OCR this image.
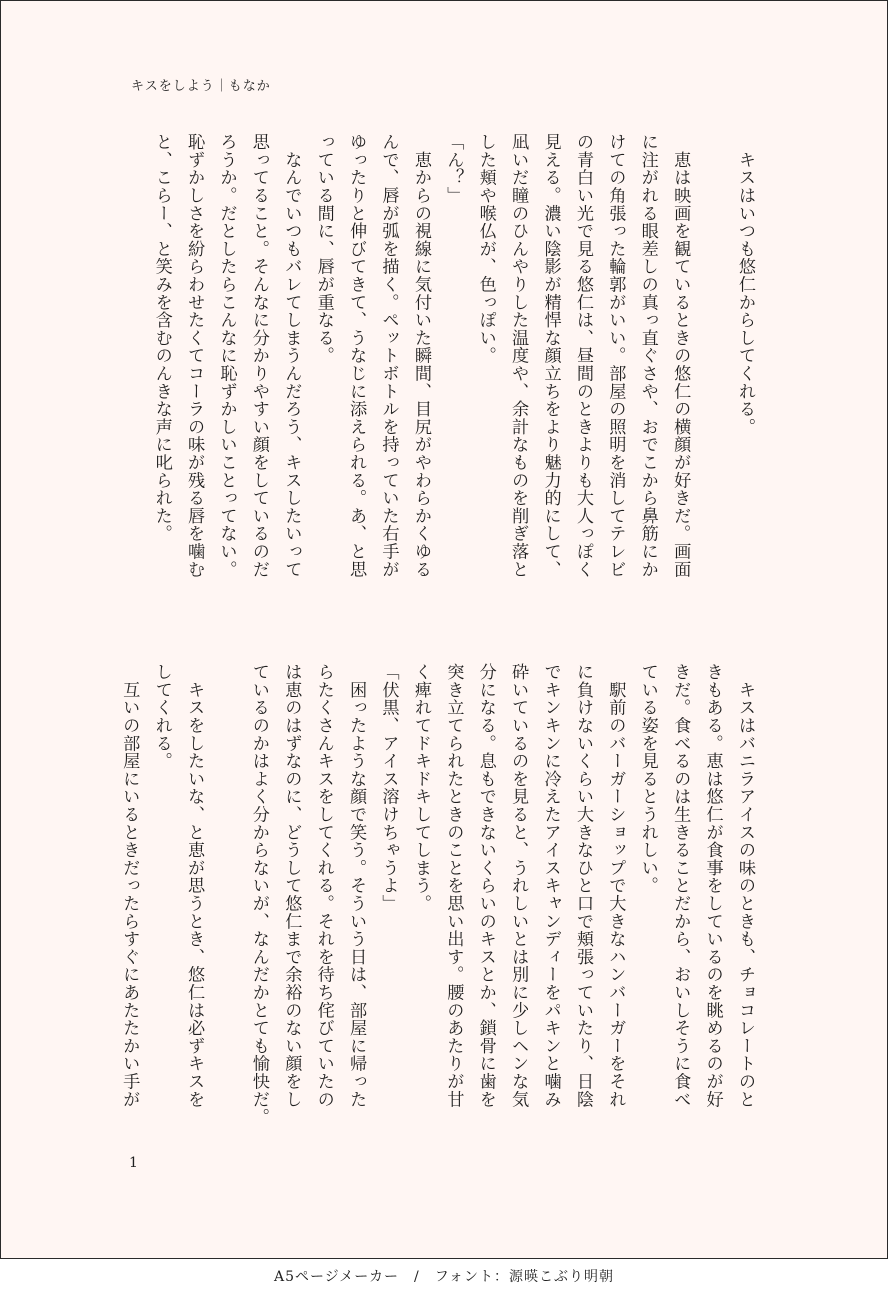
キスをしよう｜もなか
　キスはいつも悠仁からしてくれる。

　恵は映画を観ているときの悠仁の横顔が好きだ。画面
に注がれる眼差しの真っ直ぐさや、おでこから鼻筋にか
けての角張った輪郭がいい。部屋の照明を消してテレビ
の青白い光で見る悠仁は、昼間のときよりも大人っぽく
見える。濃い陰影が精悍な顔立ちをより魅力的にして、
凪いだ瞳のひんやりした温度や、余計なものを削ぎ落と
した頬や喉仏が、色っぽい。
「ん？」
　恵からの視線に気付いた瞬間、目尻がやわらかくゆる
んで、唇が弧を描く。ペットボトルを持っていた右手が
ゆったりと伸びてきて、うなじに添えられる。あ、と思
っている間に、唇が重なる。
　なんでいつもバレてしまうんだろう、キスしたいって
思ってること。そんなに分かりやすい顔をしているのだ
ろうか。だとしたらこんなに恥ずかしいことってない。
恥ずかしさを紛らわせたくてコーラの味が残る唇を噛む
と、こらー、と笑みを含むのんきな声に叱られた。
　キスはバニラアイスの味のときも、チョコレートのと
きもある。恵は悠仁が食事をしているのを眺めるのが好
きだ。食べるのは生きることだから、おいしそうに食べ
ている姿を見るとうれしい。
　駅前のバーガーショップで大きなハンバーガーをそれ
に負けないくらい大きなひと口で頬張っていたり、日陰
でキンキンに冷えたアイスキャンディーをパキンと噛み
砕いているのを見ると、うれしいとは別に少しヘンな気
分になる。息もできないくらいのキスとか、鎖骨に歯を
突き立てられたときのことを思い出す。腰のあたりが甘
く痺れてドキドキしてしまう。
「伏黒、アイス溶けちゃうよ」
　困ったような顔で笑う。そういう日は、部屋に帰った
らたくさんキスをしてくれる。それを待ち侘びていたの
は恵のはずなのに、どうして悠仁まで余裕のない顔をし
ているのかはよく分からないが、なんだかとても愉快だ。

　キスをしたいな、と恵が思うとき、悠仁は必ずキスを
してくれる。
　互いの部屋にいるときだったらすぐにあたたかい手が
1
A5ページメーカー　/　フォント：源暎こぶり明朝
